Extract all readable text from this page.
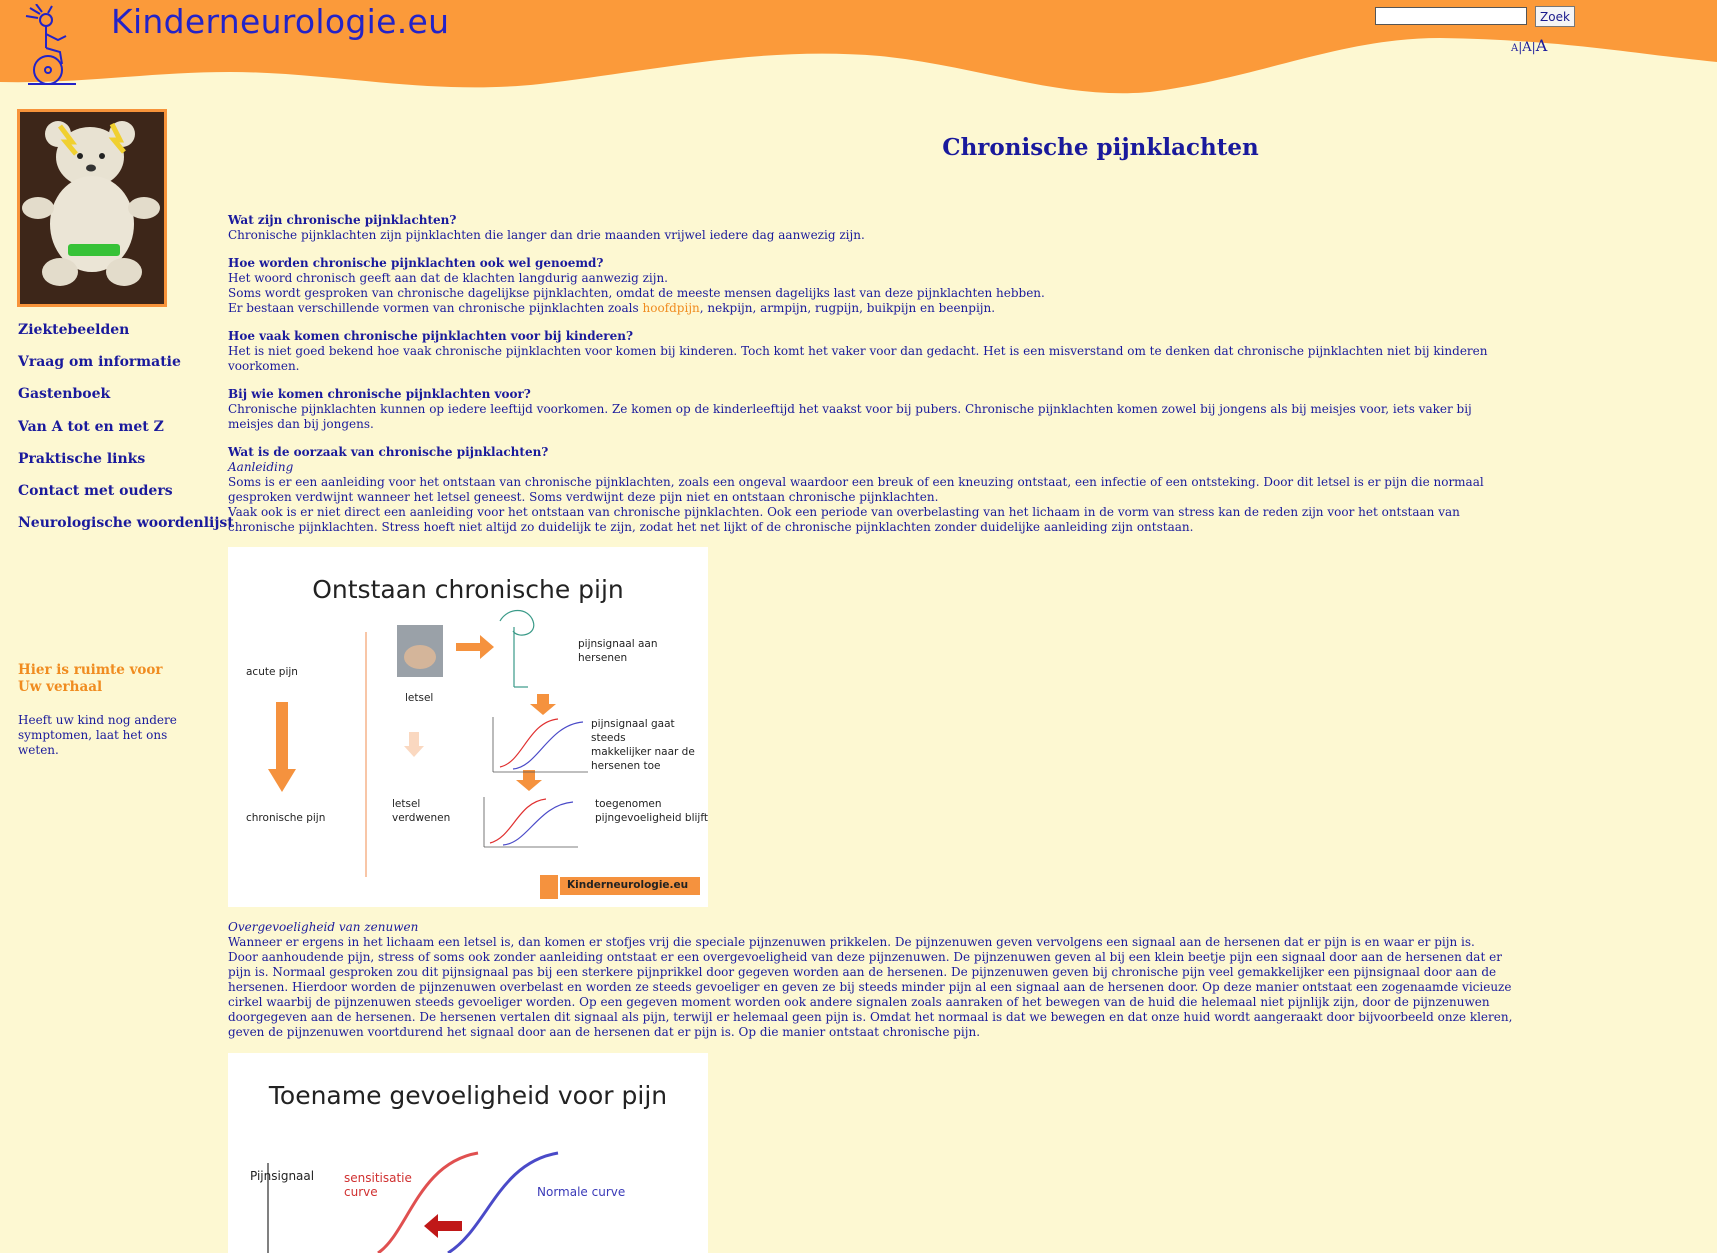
Kinderneurologie.eu	Zoek
A|A|A
Ziektebeelden
Vraag om informatie
Gastenboek
Van A tot en met Z
Praktische links
Contact met ouders
Neurologische woordenlijst
Hier is ruimte voor
Uw verhaal
Heeft uw kind nog andere
symptomen, laat het ons weten.
Chronische pijnklachten

Wat zijn chronische pijnklachten?
Chronische pijnklachten zijn pijnklachten die langer dan drie maanden vrijwel iedere dag aanwezig zijn.

Hoe worden chronische pijnklachten ook wel genoemd?
Het woord chronisch geeft aan dat de klachten langdurig aanwezig zijn.
Soms wordt gesproken van chronische dagelijkse pijnklachten, omdat de meeste mensen dagelijks last van deze pijnklachten hebben.
Er bestaan verschillende vormen van chronische pijnklachten zoals hoofdpijn, nekpijn, armpijn, rugpijn, buikpijn en beenpijn.

Hoe vaak komen chronische pijnklachten voor bij kinderen?
Het is niet goed bekend hoe vaak chronische pijnklachten voor komen bij kinderen. Toch komt het vaker voor dan gedacht. Het is een misverstand om te denken dat chronische pijnklachten niet bij kinderen voorkomen.

Bij wie komen chronische pijnklachten voor?
Chronische pijnklachten kunnen op iedere leeftijd voorkomen. Ze komen op de kinderleeftijd het vaakst voor bij pubers. Chronische pijnklachten komen zowel bij jongens als bij meisjes voor, iets vaker bij meisjes dan bij jongens.

Wat is de oorzaak van chronische pijnklachten?
Aanleiding
Soms is er een aanleiding voor het ontstaan van chronische pijnklachten, zoals een ongeval waardoor een breuk of een kneuzing ontstaat, een infectie of een ontsteking. Door dit letsel is er pijn die normaal gesproken verdwijnt wanneer het letsel geneest. Soms verdwijnt deze pijn niet en ontstaan chronische pijnklachten.
Vaak ook is er niet direct een aanleiding voor het ontstaan van chronische pijnklachten. Ook een periode van overbelasting van het lichaam in de vorm van stress kan de reden zijn voor het ontstaan van chronische pijnklachten. Stress hoeft niet altijd zo duidelijk te zijn, zodat het net lijkt of de chronische pijnklachten zonder duidelijke aanleiding zijn ontstaan.

Ontstaan chronische pijn
acute pijn
chronische pijn
letsel
letsel
verdwenen
pijnsignaal aan hersenen
pijnsignaal gaat steeds
makkelijker naar de
hersenen toe
toegenomen
pijngevoeligheid blijft
Kinderneurologie.eu

Overgevoeligheid van zenuwen
Wanneer er ergens in het lichaam een letsel is, dan komen er stofjes vrij die speciale pijnzenuwen prikkelen. De pijnzenuwen geven vervolgens een signaal aan de hersenen dat er pijn is en waar er pijn is.
Door aanhoudende pijn, stress of soms ook zonder aanleiding ontstaat er een overgevoeligheid van deze pijnzenuwen. De pijnzenuwen geven al bij een klein beetje pijn een signaal door aan de hersenen dat er pijn is. Normaal gesproken zou dit pijnsignaal pas bij een sterkere pijnprikkel door gegeven worden aan de hersenen. De pijnzenuwen geven bij chronische pijn veel gemakkelijker een pijnsignaal door aan de hersenen. Hierdoor worden de pijnzenuwen overbelast en worden ze steeds gevoeliger en geven ze bij steeds minder pijn al een signaal aan de hersenen door. Op deze manier ontstaat een zogenaamde vicieuze cirkel waarbij de pijnzenuwen steeds gevoeliger worden. Op een gegeven moment worden ook andere signalen zoals aanraken of het bewegen van de huid die helemaal niet pijnlijk zijn, door de pijnzenuwen doorgegeven aan de hersenen. De hersenen vertalen dit signaal als pijn, terwijl er helemaal geen pijn is. Omdat het normaal is dat we bewegen en dat onze huid wordt aangeraakt door bijvoorbeeld onze kleren, geven de pijnzenuwen voortdurend het signaal door aan de hersenen dat er pijn is. Op die manier ontstaat chronische pijn.

Toename gevoeligheid voor pijn
Pijnsignaal sensitisatie
curve	Normale curve
